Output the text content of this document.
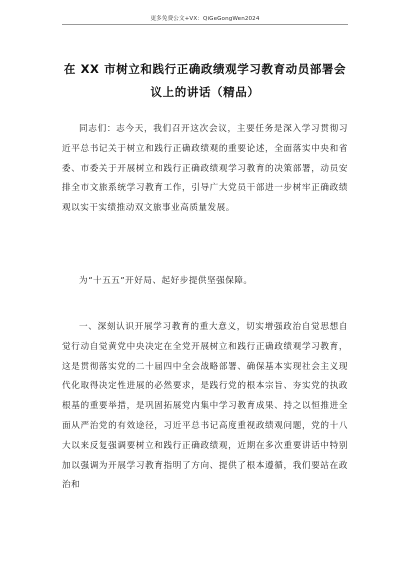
更多免费公文+VX：QiGeGongWen2024
在 XX 市树立和践行正确政绩观学习教育动员部署会议上的讲话（精品）

同志们：志今天，我们召开这次会议，主要任务是深入学习贯彻习近平总书记关于树立和践行正确政绩观的重要论述，全面落实中央和省委、市委关于开展树立和践行正确政绩观学习教育的决策部署，动员安排全市文旅系统学习教育工作，引导广大党员干部进一步树牢正确政绩观以实干实绩推动双文旅事业高质量发展。

为“十五五”开好局、起好步提供坚强保障。

一、深刻认识开展学习教育的重大意义，切实增强政治自觉思想自觉行动自觉黄党中央决定在全党开展树立和践行正确政绩观学习教育，这是贯彻落实党的二十届四中全会战略部署、确保基本实现社会主义现代化取得决定性进展的必然要求，是践行党的根本宗旨、夯实党的执政根基的重要举措，是巩固拓展党内集中学习教育成果、持之以恒推进全面从严治党的有效途径，习近平总书记高度重视政绩观问题，党的十八大以来反复强调要树立和践行正确政绩观，近期在多次重要讲话中特别加以强调为开展学习教育指明了方向、提供了根本遵循，我们要站在政治和
